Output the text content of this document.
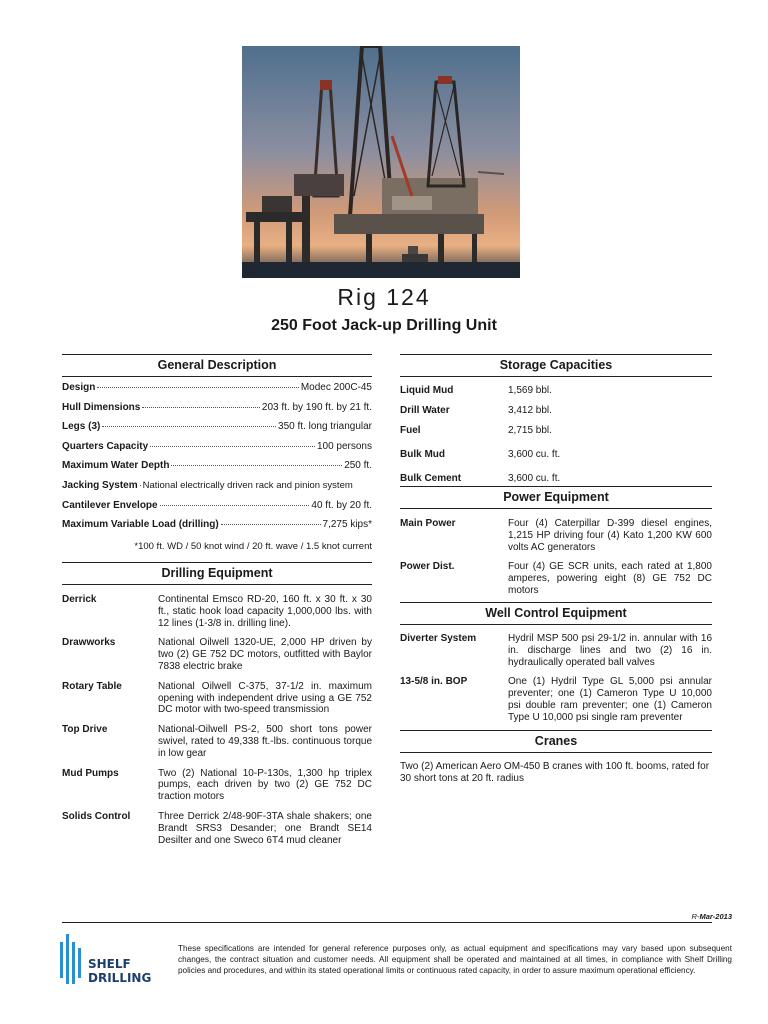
Rig 124
250 Foot Jack-up Drilling Unit
General Description
Design	Modec 200C-45
Hull Dimensions	203 ft. by 190 ft. by 21 ft.
Legs (3)	350 ft. long triangular
Quarters Capacity	100 persons
Maximum Water Depth	250 ft.
Jacking System National electrically driven rack and pinion system
Cantilever Envelope	40 ft. by 20 ft.
Maximum Variable Load (drilling)	7,275 kips*
*100 ft. WD / 50 knot wind / 20 ft. wave / 1.5 knot current
Drilling Equipment
Derrick	Continental Emsco RD-20, 160 ft. x 30 ft. x 30 ft., static hook load capacity 1,000,000 lbs. with 12 lines (1-3/8 in. drilling line).
Drawworks	National Oilwell 1320-UE, 2,000 HP driven by two (2) GE 752 DC motors, outfitted with Baylor 7838 electric brake
Rotary Table	National Oilwell C-375, 37-1/2 in. maximum opening with independent drive using a GE 752 DC motor with two-speed transmission
Top Drive	National-Oilwell PS-2, 500 short tons power swivel, rated to 49,338 ft.-lbs. continuous torque in low gear
Mud Pumps	Two (2) National 10-P-130s, 1,300 hp triplex pumps, each driven by two (2) GE 752 DC traction motors
Solids Control	Three Derrick 2/48-90F-3TA shale shakers; one Brandt SRS3 Desander; one Brandt SE14 Desilter and one Sweco 6T4 mud cleaner
Storage Capacities
Liquid Mud	1,569 bbl.
Drill Water	3,412 bbl.
Fuel	2,715 bbl.
Bulk Mud	3,600 cu. ft.
Bulk Cement	3,600 cu. ft.
Power Equipment
Main Power	Four (4) Caterpillar D-399 diesel engines, 1,215 HP driving four (4) Kato 1,200 KW 600 volts AC generators
Power Dist.	Four (4) GE SCR units, each rated at 1,800 amperes, powering eight (8) GE 752 DC motors
Well Control Equipment
Diverter System	Hydril MSP 500 psi 29-1/2 in. annular with 16 in. discharge lines and two (2) 16 in. hydraulically operated ball valves
13-5/8 in. BOP	One (1) Hydril Type GL 5,000 psi annular preventer; one (1) Cameron Type U 10,000 psi double ram preventer; one (1) Cameron Type U 10,000 psi single ram preventer
Cranes
Two (2) American Aero OM-450 B cranes with 100 ft. booms, rated for 30 short tons at 20 ft. radius
R-Mar-2013
SHELF
DRILLING
These specifications are intended for general reference purposes only, as actual equipment and specifications may vary based upon subsequent changes, the contract situation and customer needs. All equipment shall be operated and maintained at all times, in compliance with Shelf Drilling policies and procedures, and within its stated operational limits or continuous rated capacity, in order to assure maximum operational efficiency.
